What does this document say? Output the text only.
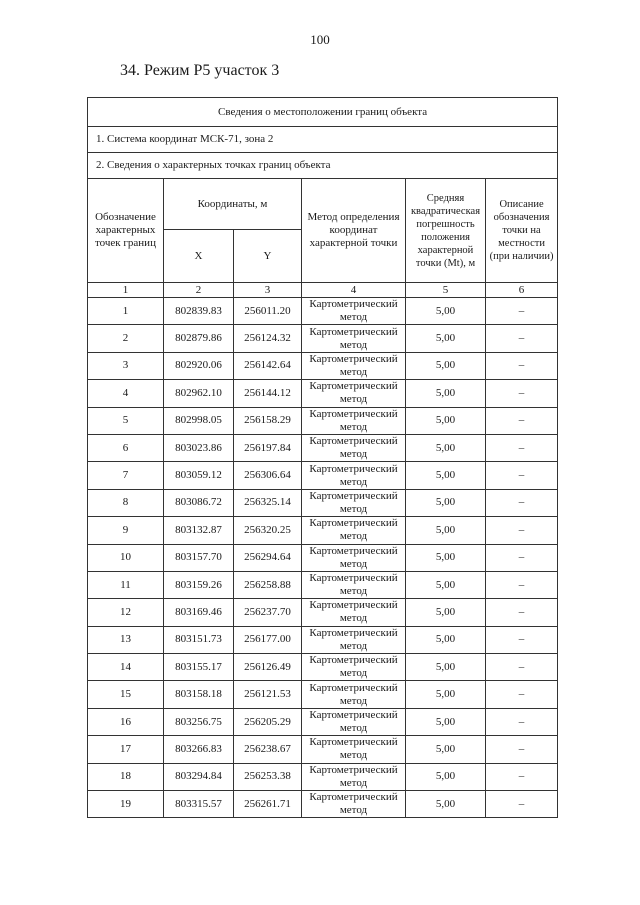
100
34. Режим Р5 участок 3
Сведения о местоположении границ объекта					
1. Система координат МСК-71, зона 2					
2. Сведения о характерных точках границ объекта					
Обозначение характерных точек границ	Координаты, м		Метод определения координат характерной точки	Средняя квадратическая погрешность положения характерной точки (Mt), м	Описание обозначения точки на местности (при наличии)
	X	Y			
1	2	3	4	5	6
1	802839.83	256011.20	Картометрический метод	5,00	–
2	802879.86	256124.32	Картометрический метод	5,00	–
3	802920.06	256142.64	Картометрический метод	5,00	–
4	802962.10	256144.12	Картометрический метод	5,00	–
5	802998.05	256158.29	Картометрический метод	5,00	–
6	803023.86	256197.84	Картометрический метод	5,00	–
7	803059.12	256306.64	Картометрический метод	5,00	–
8	803086.72	256325.14	Картометрический метод	5,00	–
9	803132.87	256320.25	Картометрический метод	5,00	–
10	803157.70	256294.64	Картометрический метод	5,00	–
11	803159.26	256258.88	Картометрический метод	5,00	–
12	803169.46	256237.70	Картометрический метод	5,00	–
13	803151.73	256177.00	Картометрический метод	5,00	–
14	803155.17	256126.49	Картометрический метод	5,00	–
15	803158.18	256121.53	Картометрический метод	5,00	–
16	803256.75	256205.29	Картометрический метод	5,00	–
17	803266.83	256238.67	Картометрический метод	5,00	–
18	803294.84	256253.38	Картометрический метод	5,00	–
19	803315.57	256261.71	Картометрический метод	5,00	–
